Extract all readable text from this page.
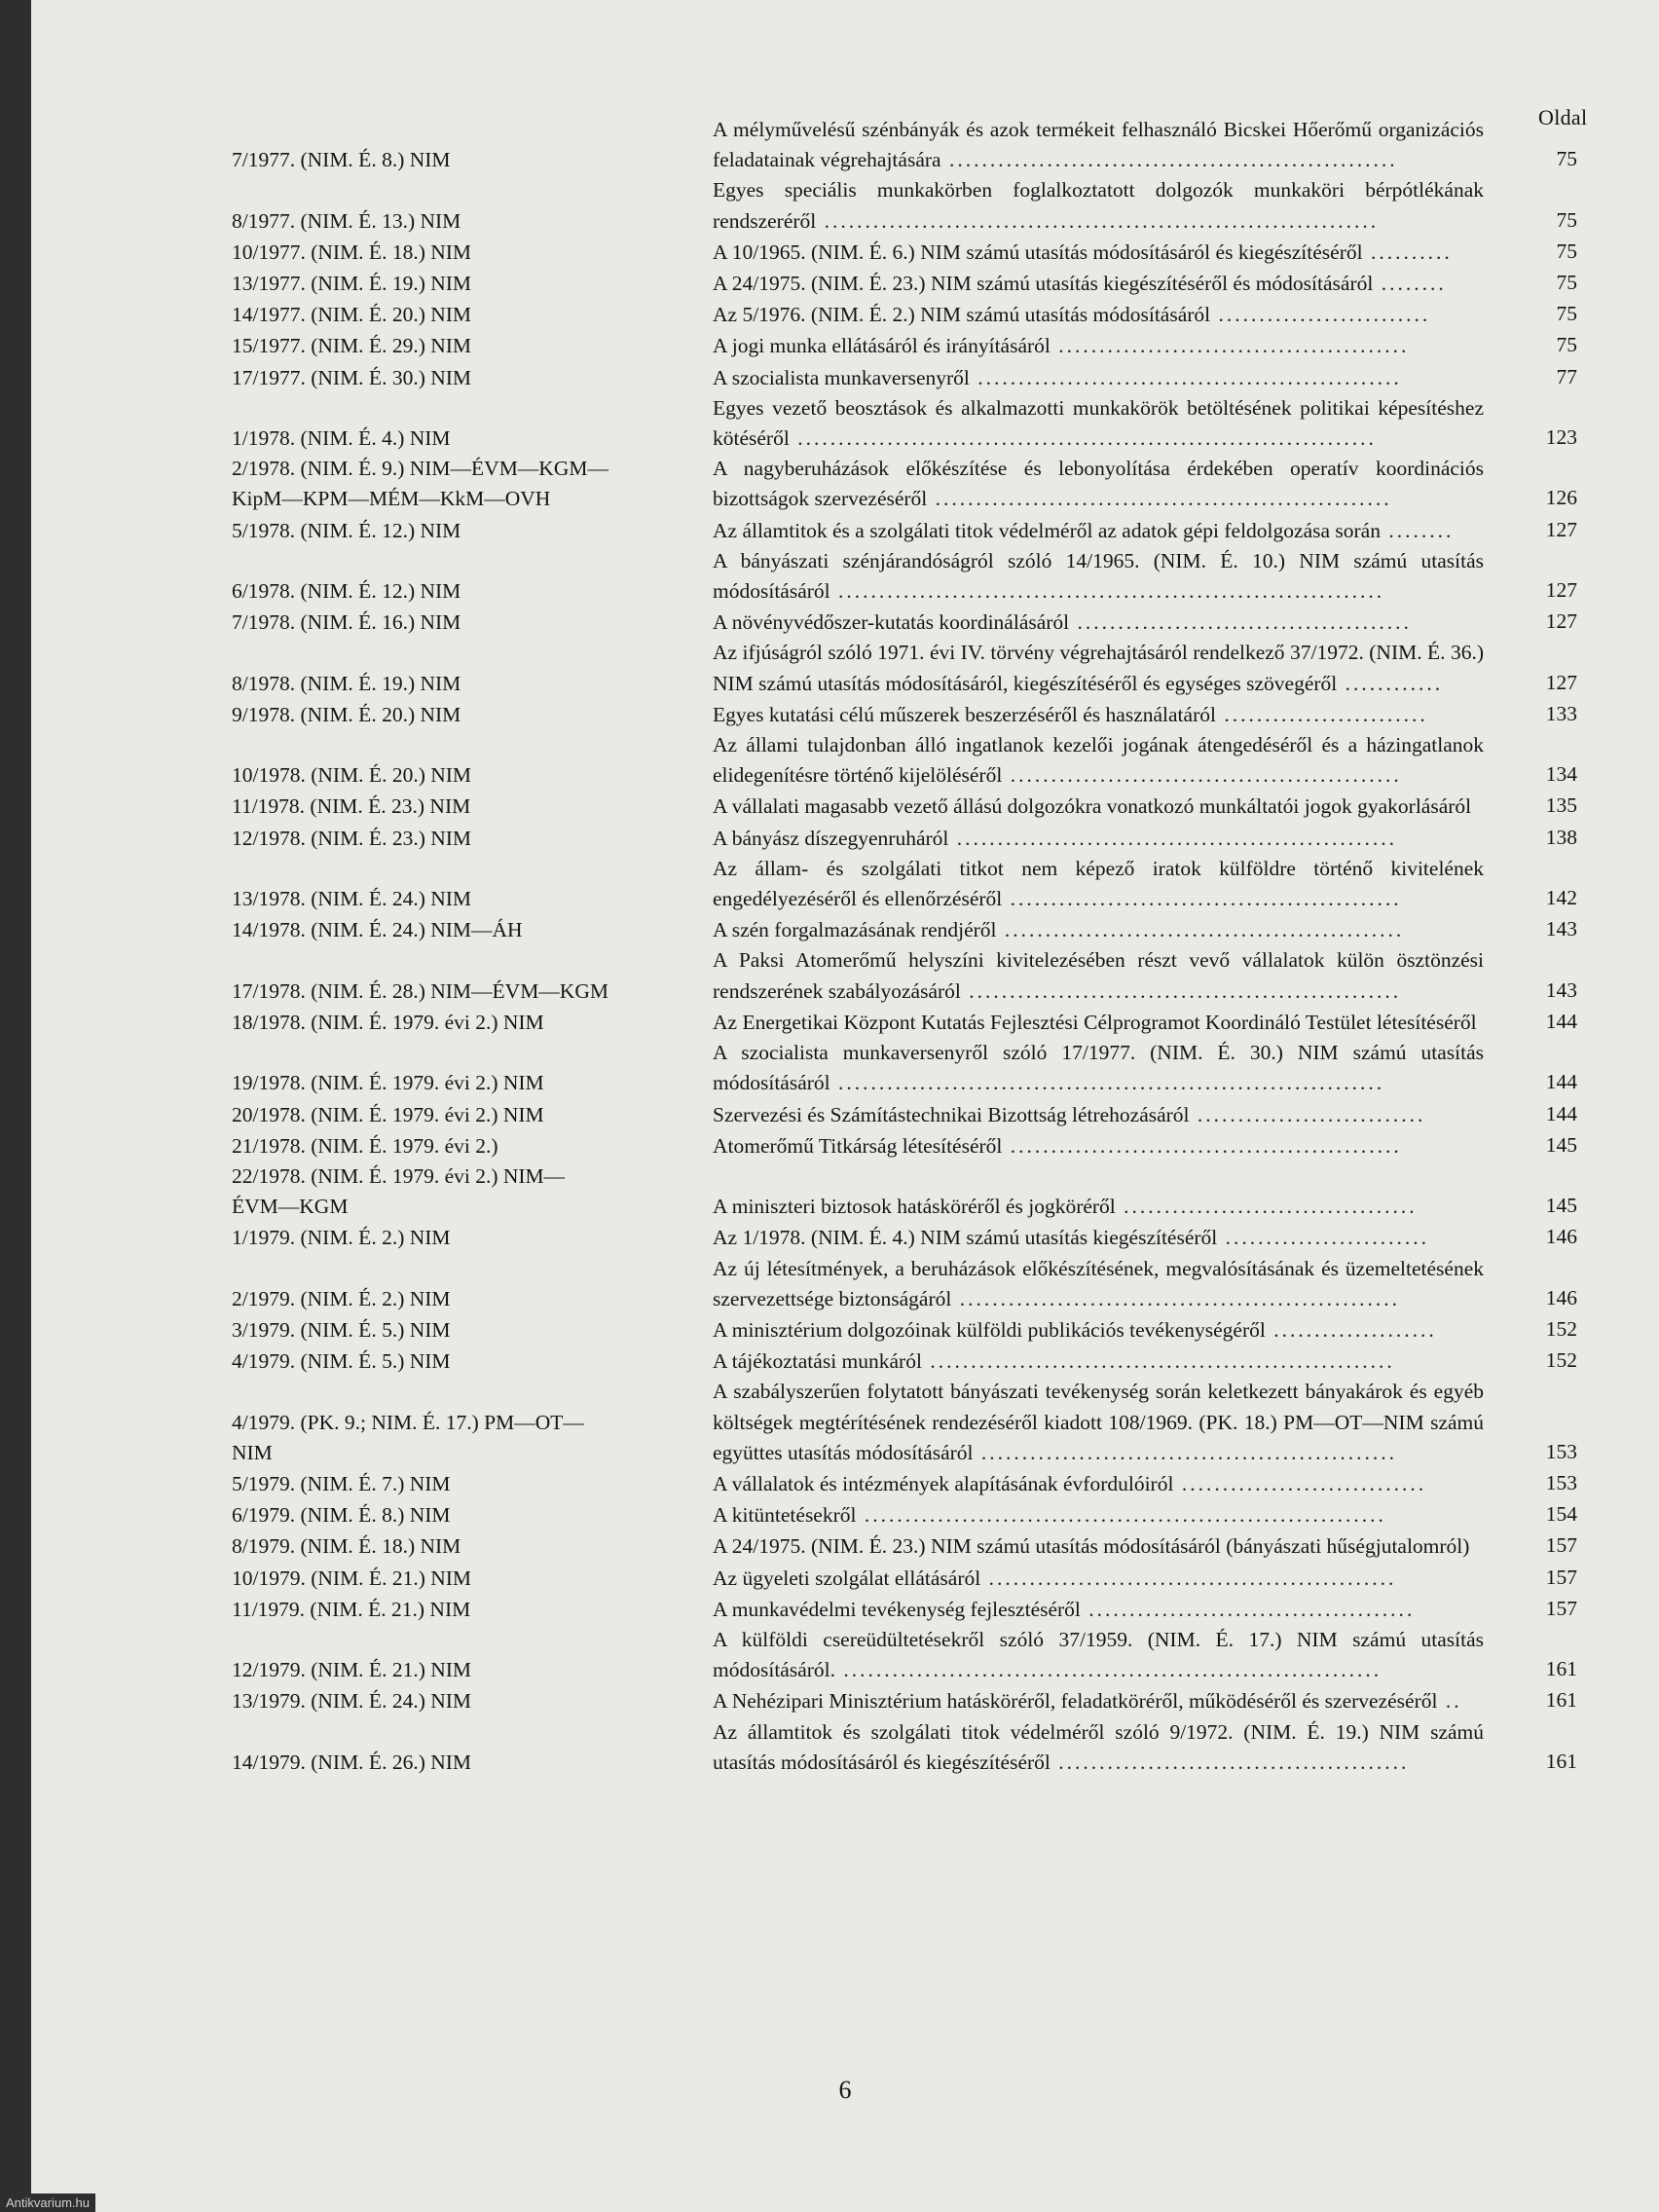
Oldal
7/1977. (NIM. É. 8.) NIM
A mélyművelésű szénbányák és azok termékeit felhasználó Bicskei Hőerőmű organizációs feladatainak végrehajtására .......................................................	75
8/1977. (NIM. É. 13.) NIM
Egyes speciális munkakörben foglalkoztatott dolgozók munkaköri bérpótlékának rendszeréről ....................................................................	75
10/1977. (NIM. É. 18.) NIM	A 10/1965. (NIM. É. 6.) NIM számú utasítás módosításáról és kiegészítéséről ..........	75
13/1977. (NIM. É. 19.) NIM	A 24/1975. (NIM. É. 23.) NIM számú utasítás kiegészítéséről és módosításáról ........	75
14/1977. (NIM. É. 20.) NIM	Az 5/1976. (NIM. É. 2.) NIM számú utasítás módosításáról ..........................	75
15/1977. (NIM. É. 29.) NIM	A jogi munka ellátásáról és irányításáról ...........................................	75
17/1977. (NIM. É. 30.) NIM	A szocialista munkaversenyről ....................................................	77
1/1978. (NIM. É. 4.) NIM
Egyes vezető beosztások és alkalmazotti munkakörök betöltésének politikai képesítéshez kötéséről .......................................................................	123
2/1978. (NIM. É. 9.) NIM—ÉVM—KGM—
KipM—KPM—MÉM—KkM—OVH
A nagyberuházások előkészítése és lebonyolítása érdekében operatív koordinációs bizottságok szervezéséről ........................................................	126
5/1978. (NIM. É. 12.) NIM	Az államtitok és a szolgálati titok védelméről az adatok gépi feldolgozása során ........	127
6/1978. (NIM. É. 12.) NIM
A bányászati szénjárandóságról szóló 14/1965. (NIM. É. 10.) NIM számú utasítás módosításáról ...................................................................	127
7/1978. (NIM. É. 16.) NIM	A növényvédőszer-kutatás koordinálásáról .........................................	127
8/1978. (NIM. É. 19.) NIM
Az ifjúságról szóló 1971. évi IV. törvény végrehajtásáról rendelkező 37/1972. (NIM. É. 36.) NIM számú utasítás módosításáról, kiegészítéséről és egységes szövegéről ............	127
9/1978. (NIM. É. 20.) NIM	Egyes kutatási célú műszerek beszerzéséről és használatáról .........................	133
10/1978. (NIM. É. 20.) NIM
Az állami tulajdonban álló ingatlanok kezelői jogának átengedéséről és a házingatlanok elidegenítésre történő kijelöléséről ................................................	134
11/1978. (NIM. É. 23.) NIM	A vállalati magasabb vezető állású dolgozókra vonatkozó munkáltatói jogok gyakorlásáról	135
12/1978. (NIM. É. 23.) NIM	A bányász díszegyenruháról ......................................................	138
13/1978. (NIM. É. 24.) NIM
Az állam- és szolgálati titkot nem képező iratok külföldre történő kivitelének engedélyezéséről és ellenőrzéséről ................................................	142
14/1978. (NIM. É. 24.) NIM—ÁH	A szén forgalmazásának rendjéről .................................................	143
17/1978. (NIM. É. 28.) NIM—ÉVM—KGM
A Paksi Atomerőmű helyszíni kivitelezésében részt vevő vállalatok külön ösztönzési rendszerének szabályozásáról .....................................................	143
18/1978. (NIM. É. 1979. évi 2.) NIM	Az Energetikai Központ Kutatás Fejlesztési Célprogramot Koordináló Testület létesítéséről	144
19/1978. (NIM. É. 1979. évi 2.) NIM
A szocialista munkaversenyről szóló 17/1977. (NIM. É. 30.) NIM számú utasítás módosításáról ...................................................................	144
20/1978. (NIM. É. 1979. évi 2.) NIM	Szervezési és Számítástechnikai Bizottság létrehozásáról ............................	144
21/1978. (NIM. É. 1979. évi 2.)	Atomerőmű Titkárság létesítéséről ................................................	145
22/1978. (NIM. É. 1979. évi 2.) NIM—
ÉVM—KGM	A miniszteri biztosok hatásköréről és jogköréről ....................................	145
1/1979. (NIM. É. 2.) NIM	Az 1/1978. (NIM. É. 4.) NIM számú utasítás kiegészítéséről .........................	146
2/1979. (NIM. É. 2.) NIM
Az új létesítmények, a beruházások előkészítésének, megvalósításának és üzemeltetésének szervezettsége biztonságáról ......................................................	146
3/1979. (NIM. É. 5.) NIM	A minisztérium dolgozóinak külföldi publikációs tevékenységéről ....................	152
4/1979. (NIM. É. 5.) NIM	A tájékoztatási munkáról .........................................................	152
4/1979. (PK. 9.; NIM. É. 17.) PM—OT—
NIM
A szabályszerűen folytatott bányászati tevékenység során keletkezett bányakárok és egyéb költségek megtérítésének rendezéséről kiadott 108/1969. (PK. 18.) PM—OT—NIM számú együttes utasítás módosításáról ...................................................	153
5/1979. (NIM. É. 7.) NIM	A vállalatok és intézmények alapításának évfordulóiról ..............................	153
6/1979. (NIM. É. 8.) NIM	A kitüntetésekről ................................................................	154
8/1979. (NIM. É. 18.) NIM	A 24/1975. (NIM. É. 23.) NIM számú utasítás módosításáról (bányászati hűségjutalomról)	157
10/1979. (NIM. É. 21.) NIM	Az ügyeleti szolgálat ellátásáról ..................................................	157
11/1979. (NIM. É. 21.) NIM	A munkavédelmi tevékenység fejlesztéséről ........................................	157
12/1979. (NIM. É. 21.) NIM
A külföldi csereüdültetésekről szóló 37/1959. (NIM. É. 17.) NIM számú utasítás módosításáról. ..................................................................	161
13/1979. (NIM. É. 24.) NIM	A Nehézipari Minisztérium hatásköréről, feladatköréről, működéséről és szervezéséről ..	161
14/1979. (NIM. É. 26.) NIM
Az államtitok és szolgálati titok védelméről szóló 9/1972. (NIM. É. 19.) NIM számú utasítás módosításáról és kiegészítéséről ...........................................	161
6
Antikvarium.hu
